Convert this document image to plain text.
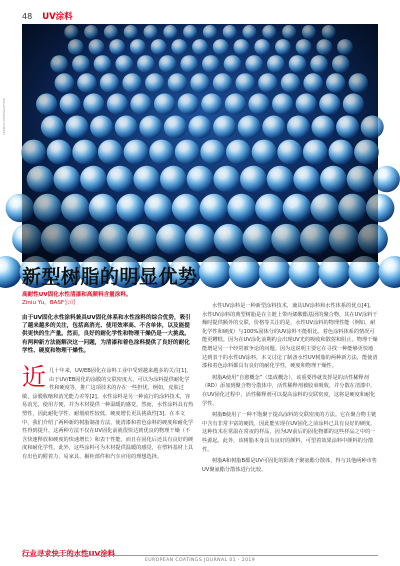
48 UV涂料
ANDREAS DÖHRING/VETTER
新型树脂的明显优势
高耐性UV固化水性清漆和高颜料含量涂料。
Ziniu Yu，BASF公司
由于UV固化水性涂料兼具UV固化体系和水性涂料的综合优势，吸引了越来越多的关注，包括高消光、使用效率高、不含单体，以及能提供更快的生产量。然而，良好的耐化学性和物理干燥仍是一大挑战。有两种新方法能解决这一问题，为清漆和着色涂料提供了良好的耐化学性、硬度和物理干燥性。
近 几十年来，UV/EB固化在涂料工业中受到越来越多的关注[1]。由于UV/EB固化的涂膜的交联密度大，可以为涂料提供耐化学性和硬度等，推广这项技术的存在一些担忧，例如，皮肤过敏，涂膜收缩和消光能力差等[2]。水性涂料是另一种流行的涂料技术，容易消光，使用方便，并为木材提供一种温暖的感觉。然而，水性涂料具有热塑性，因此耐化学性、耐划痕性较低、硬度增长更具挑战性[3]。在本文中，我们介绍了两种新的树脂制备方法，使清漆和着色涂料的硬度和耐化学性得到提升。这两种方法不仅在UV固化前就很快达到优良的物理干燥（不含快速释放和硬度的快速增长）和表干性能，而且在固化后还具有良好的硬度和耐化学性。此外，这些涂料可为木材提供温暖的感觉，在塑料基材上具有出色的附着力、易家具、橱柜部件和汽车应用的理想选择。

行业寻求快干的水性UV涂料

水性UV涂料是一种新型涂料技术，兼具UV涂料和水性体系的优点[4]。水性UV涂料的典型树脂是在主链上带丙烯酸酯基团的聚合物。其在UV涂料干燥时提供额外的交联，价格等关注的是，水性UV涂料的物理性能（例如，耐化学性和硬度）与100%固体分的UV涂料不能相比。着色涂料体系的情况可能更糟糕。因为在UV涂化前期约会出现UV光的吸收和散射和阻止。物理干燥能增是另一个经常被争论的问题。因为这说明主要它在寻找一种能够更快地达到表干的水性UV涂料。本文讨论了制备水性UV树脂的两种新方法，能使清漆和着色涂料都具有良好的耐化学性，硬度和物理干燥性。

树脂A使用“自愈概念”（集成概念），该重要得就发挥是的活性稀释剂（RD）添加到聚合物分散体中，活性稀释剂被胶束吸收，并分散在清漆中。在UV固化过程中，活性稀释剂可以提高涂料的交联密度，这将是硬度和耐化学性。

树脂B使用了一种不饱聚于提高涂料的交联密度的方法。它在聚合物主链中含有非常丰富的硬段，因此能实现在UV固化之前涂料已具有良好的硬度。这种技术在常温在常夜的样品，因为UV前后的固化物都的这些样品之中的一些源起。此外，该树脂本身具有良好的颜料，可望着效果涂料中颜料的分散性。

树脂A和树脂B都是UV可固化的阳离子聚氨酯分散体，得与其他两种市售UV聚氨酯分散体进行比较。

EUROPEAN COATINGS JOURNAL 01 - 2019
